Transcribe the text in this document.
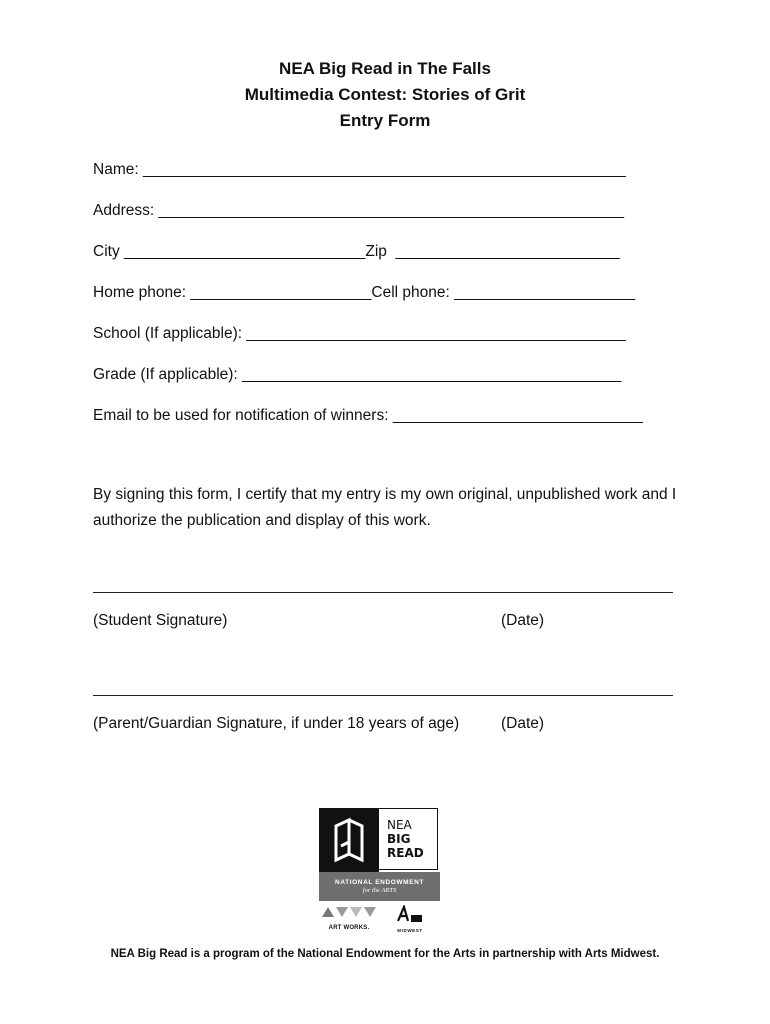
NEA Big Read in The Falls
Multimedia Contest: Stories of Grit
Entry Form
Name: ________________________________________________________
Address: ______________________________________________________
City ____________________________Zip  __________________________
Home phone: _____________________Cell phone: _____________________
School (If applicable): ____________________________________________
Grade (If applicable): ____________________________________________
Email to be used for notification of winners: _____________________________
By signing this form, I certify that my entry is my own original, unpublished work and I authorize the publication and display of this work.
(Student Signature)	(Date)
(Parent/Guardian Signature, if under 18 years of age)	(Date)
NEA
BIG
READ
NATIONAL ENDOWMENT
for the ARTS
ART WORKS.	MIDWEST
NEA Big Read is a program of the National Endowment for the Arts in partnership with Arts Midwest.
